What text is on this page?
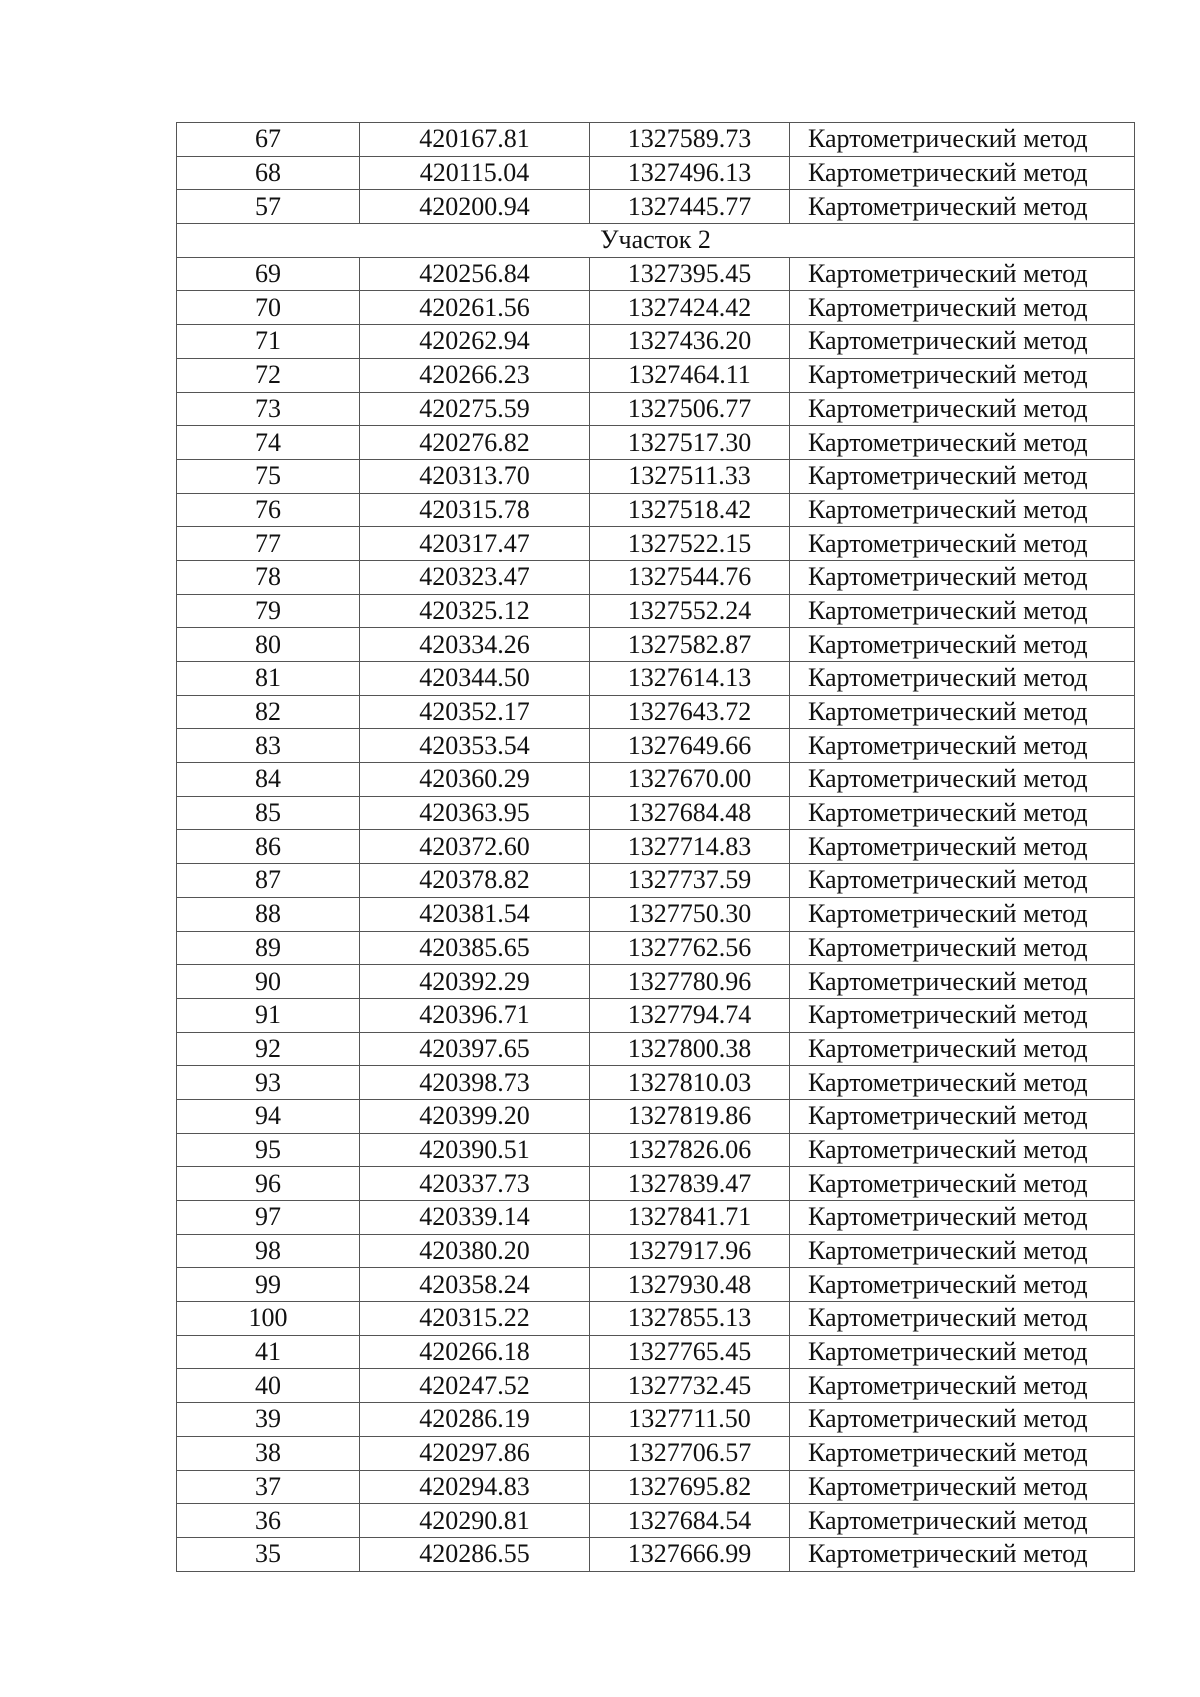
67	420167.81	1327589.73	Картометрический метод
68	420115.04	1327496.13	Картометрический метод
57	420200.94	1327445.77	Картометрический метод
Участок 2			
69	420256.84	1327395.45	Картометрический метод
70	420261.56	1327424.42	Картометрический метод
71	420262.94	1327436.20	Картометрический метод
72	420266.23	1327464.11	Картометрический метод
73	420275.59	1327506.77	Картометрический метод
74	420276.82	1327517.30	Картометрический метод
75	420313.70	1327511.33	Картометрический метод
76	420315.78	1327518.42	Картометрический метод
77	420317.47	1327522.15	Картометрический метод
78	420323.47	1327544.76	Картометрический метод
79	420325.12	1327552.24	Картометрический метод
80	420334.26	1327582.87	Картометрический метод
81	420344.50	1327614.13	Картометрический метод
82	420352.17	1327643.72	Картометрический метод
83	420353.54	1327649.66	Картометрический метод
84	420360.29	1327670.00	Картометрический метод
85	420363.95	1327684.48	Картометрический метод
86	420372.60	1327714.83	Картометрический метод
87	420378.82	1327737.59	Картометрический метод
88	420381.54	1327750.30	Картометрический метод
89	420385.65	1327762.56	Картометрический метод
90	420392.29	1327780.96	Картометрический метод
91	420396.71	1327794.74	Картометрический метод
92	420397.65	1327800.38	Картометрический метод
93	420398.73	1327810.03	Картометрический метод
94	420399.20	1327819.86	Картометрический метод
95	420390.51	1327826.06	Картометрический метод
96	420337.73	1327839.47	Картометрический метод
97	420339.14	1327841.71	Картометрический метод
98	420380.20	1327917.96	Картометрический метод
99	420358.24	1327930.48	Картометрический метод
100	420315.22	1327855.13	Картометрический метод
41	420266.18	1327765.45	Картометрический метод
40	420247.52	1327732.45	Картометрический метод
39	420286.19	1327711.50	Картометрический метод
38	420297.86	1327706.57	Картометрический метод
37	420294.83	1327695.82	Картометрический метод
36	420290.81	1327684.54	Картометрический метод
35	420286.55	1327666.99	Картометрический метод
